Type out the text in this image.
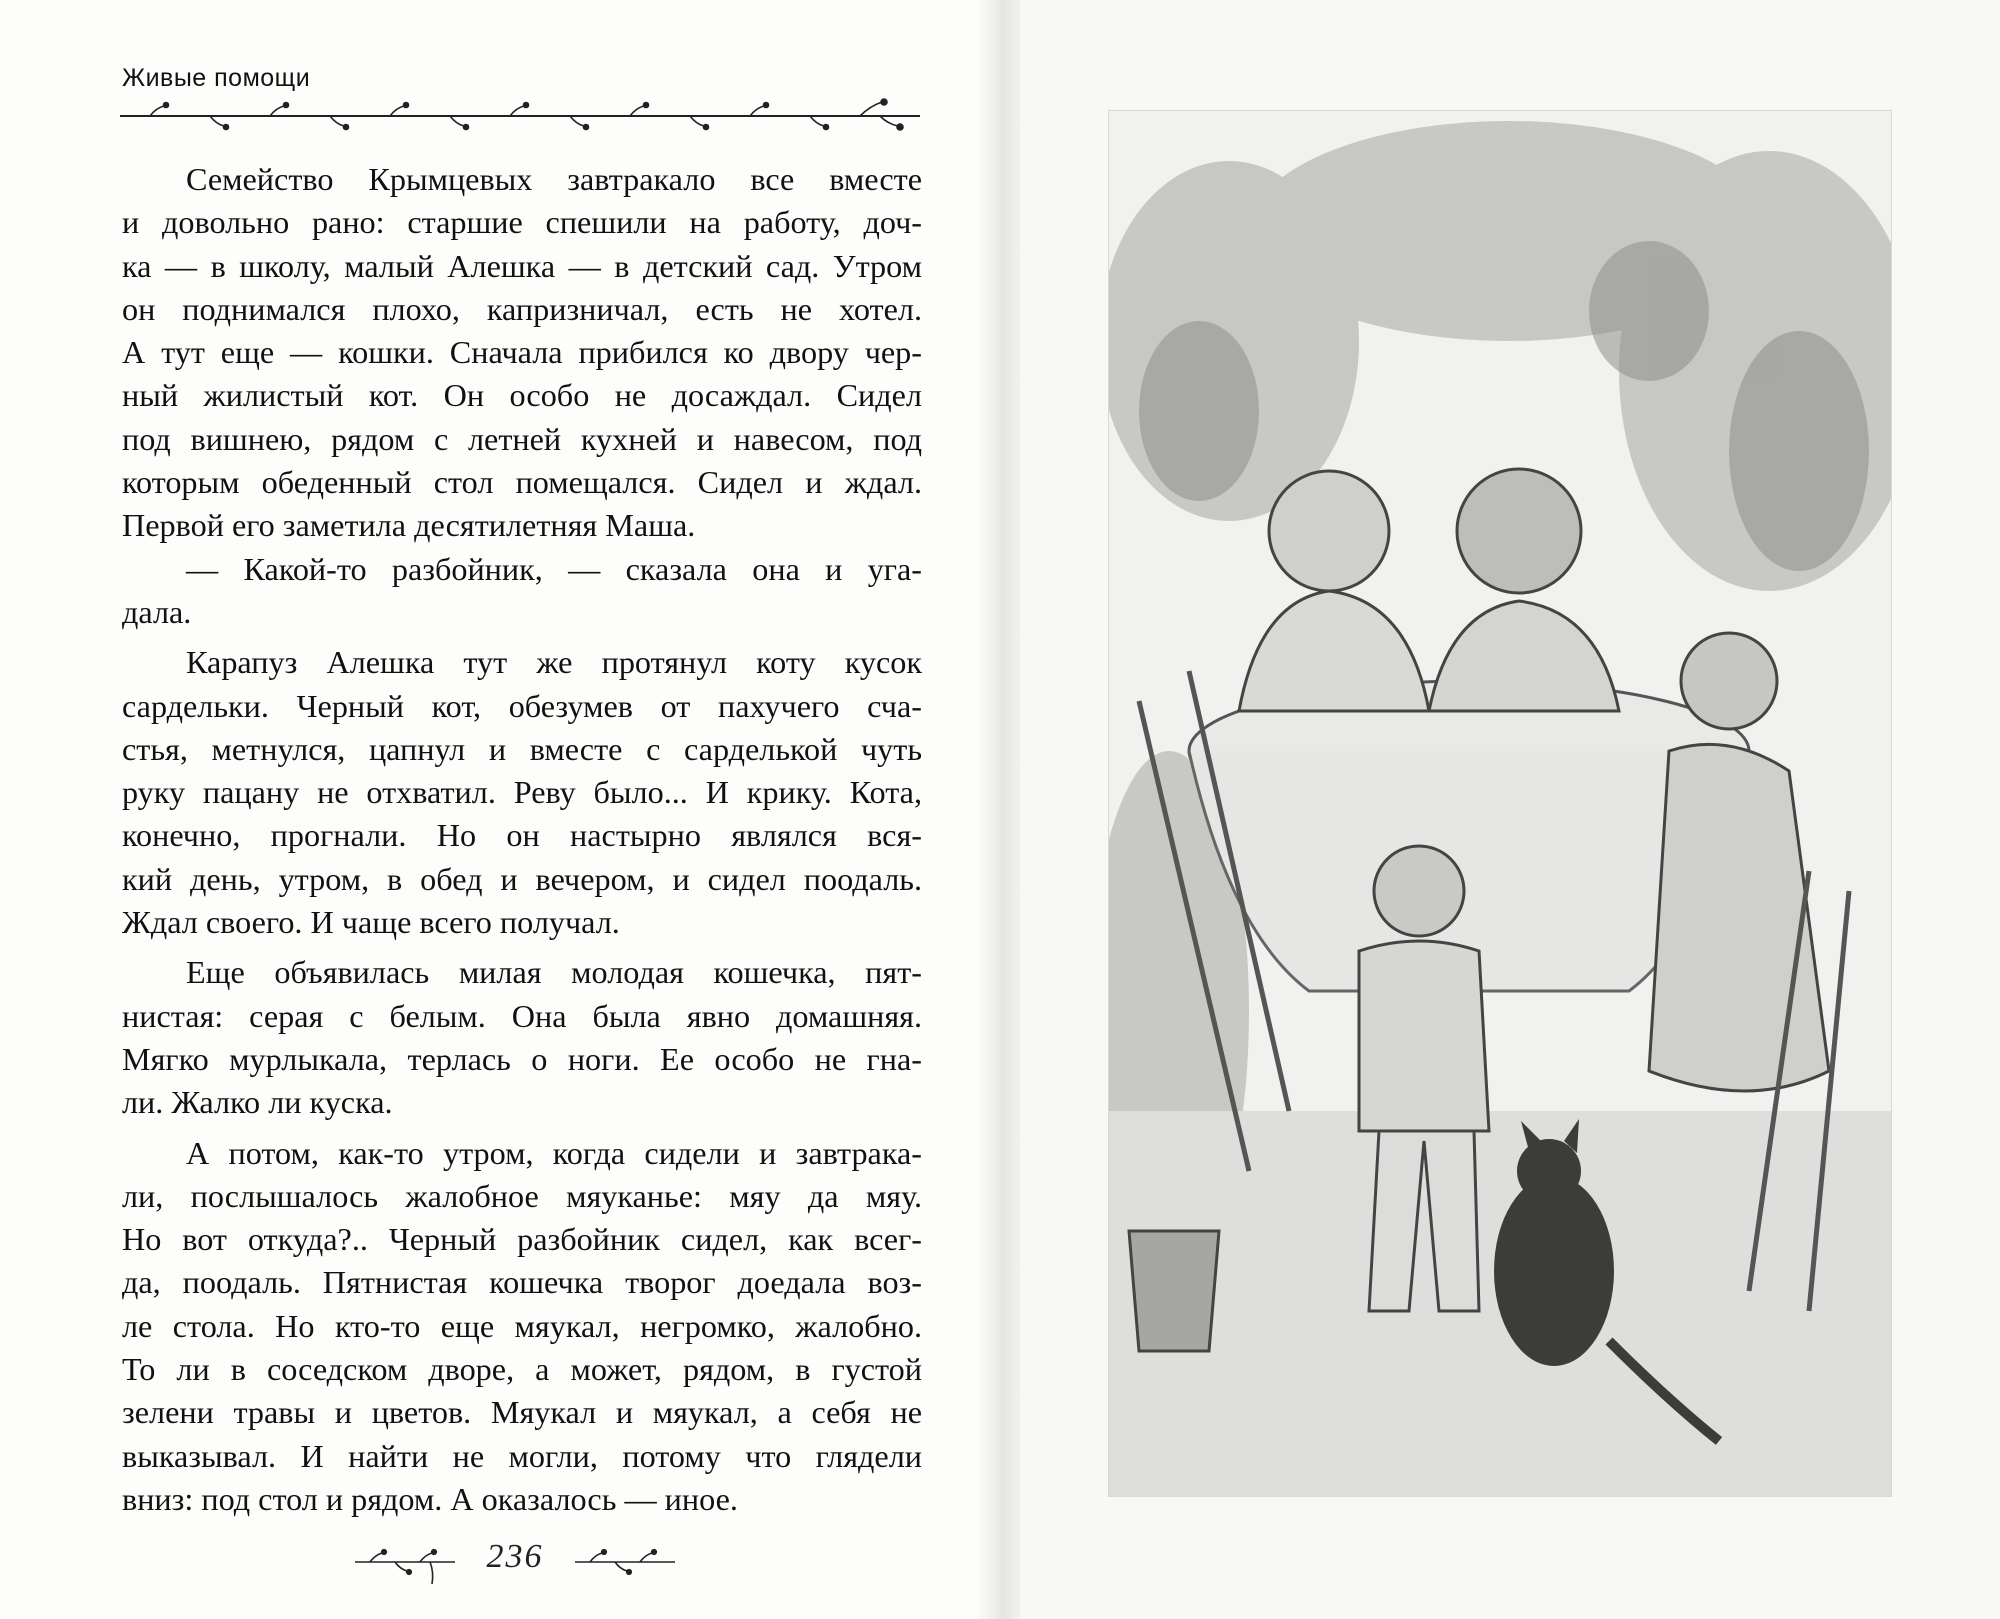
Живые помощи
Семейство Крымцевых завтракало все вместе
и довольно рано: старшие спешили на работу, доч-
ка — в школу, малый Алешка — в детский сад. Утром
он поднимался плохо, капризничал, есть не хотел.
А тут еще — кошки. Сначала прибился ко двору чер-
ный жилистый кот. Он особо не досаждал. Сидел
под вишнею, рядом с летней кухней и навесом, под
которым обеденный стол помещался. Сидел и ждал.
Первой его заметила десятилетняя Маша.
— Какой-то разбойник, — сказала она и уга-
дала.
Карапуз Алешка тут же протянул коту кусок
сардельки. Черный кот, обезумев от пахучего сча-
стья, метнулся, цапнул и вместе с сарделькой чуть
руку пацану не отхватил. Реву было... И крику. Кота,
конечно, прогнали. Но он настырно являлся вся-
кий день, утром, в обед и вечером, и сидел поодаль.
Ждал своего. И чаще всего получал.
Еще объявилась милая молодая кошечка, пят-
нистая: серая с белым. Она была явно домашняя.
Мягко мурлыкала, терлась о ноги. Ее особо не гна-
ли. Жалко ли куска.
А потом, как-то утром, когда сидели и завтрака-
ли, послышалось жалобное мяуканье: мяу да мяу.
Но вот откуда?.. Черный разбойник сидел, как всег-
да, поодаль. Пятнистая кошечка творог доедала воз-
ле стола. Но кто-то еще мяукал, негромко, жалобно.
То ли в соседском дворе, а может, рядом, в густой
зелени травы и цветов. Мяукал и мяукал, а себя не
выказывал. И найти не могли, потому что глядели
вниз: под стол и рядом. А оказалось — иное.
236
